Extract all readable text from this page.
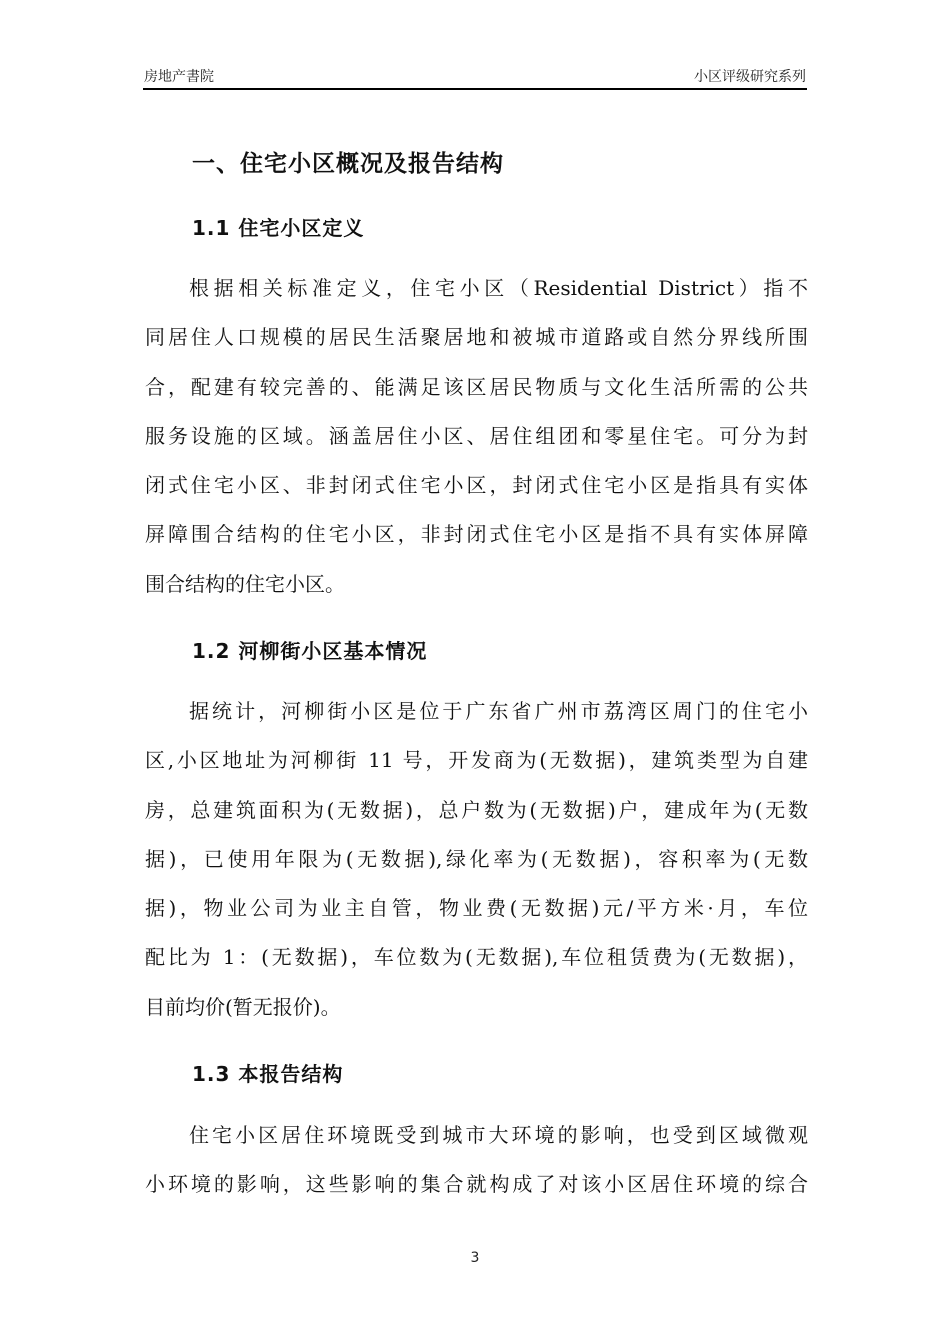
房地产書院	小区评级研究系列
一、住宅小区概况及报告结构
1.1 住宅小区定义
根据相关标准定义，住宅小区（Residential District）指不
同居住人口规模的居民生活聚居地和被城市道路或自然分界线所围
合，配建有较完善的、能满足该区居民物质与文化生活所需的公共
服务设施的区域。涵盖居住小区、居住组团和零星住宅。可分为封
闭式住宅小区、非封闭式住宅小区，封闭式住宅小区是指具有实体
屏障围合结构的住宅小区，非封闭式住宅小区是指不具有实体屏障
围合结构的住宅小区。
1.2 河柳街小区基本情况
据统计，河柳街小区是位于广东省广州市荔湾区周门的住宅小
区,小区地址为河柳街 11 号，开发商为(无数据)，建筑类型为自建
房，总建筑面积为(无数据)，总户数为(无数据)户，建成年为(无数
据)，已使用年限为(无数据),绿化率为(无数据)，容积率为(无数
据)，物业公司为业主自管，物业费(无数据)元/平方米·月，车位
配比为 1：(无数据)，车位数为(无数据),车位租赁费为(无数据)，
目前均价(暂无报价)。
1.3 本报告结构
住宅小区居住环境既受到城市大环境的影响，也受到区域微观
小环境的影响，这些影响的集合就构成了对该小区居住环境的综合
3
